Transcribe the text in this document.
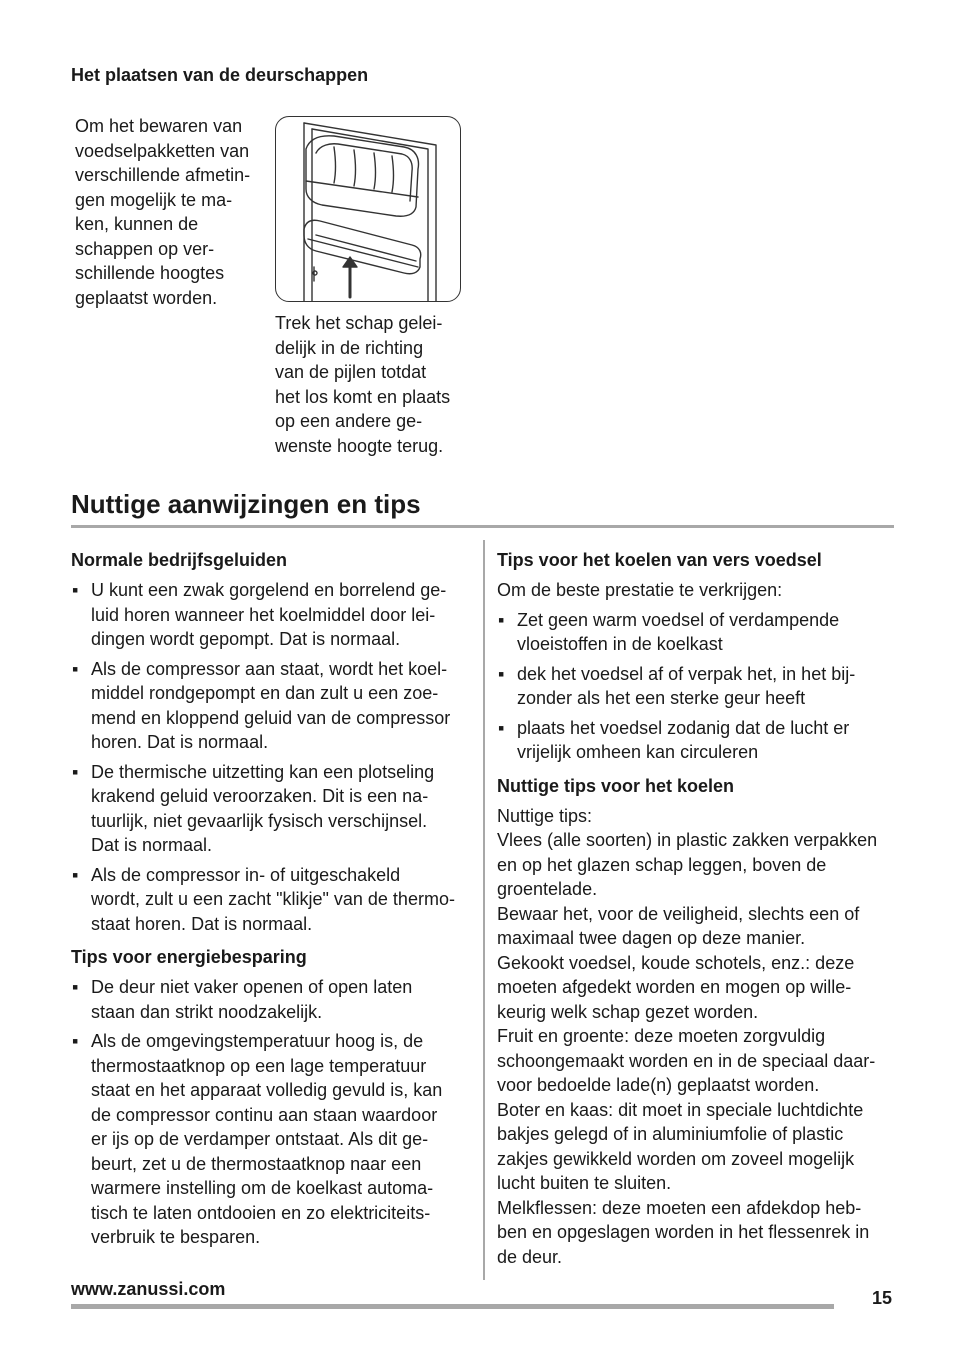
Het plaatsen van de deurschappen

Om het bewaren van
voedselpakketten van
verschillende afmetin-
gen mogelijk te ma-
ken, kunnen de
schappen op ver-
schillende hoogtes
geplaatst worden.

Trek het schap gelei-
delijk in de richting
van de pijlen totdat
het los komt en plaats
op een andere ge-
wenste hoogte terug.

Nuttige aanwijzingen en tips
Normale bedrijfsgeluiden
▪ U kunt een zwak gorgelend en borrelend ge-
luid horen wanneer het koelmiddel door lei-
dingen wordt gepompt. Dat is normaal.
▪ Als de compressor aan staat, wordt het koel-
middel rondgepompt en dan zult u een zoe-
mend en kloppend geluid van de compressor
horen. Dat is normaal.
▪ De thermische uitzetting kan een plotseling
krakend geluid veroorzaken. Dit is een na-
tuurlijk, niet gevaarlijk fysisch verschijnsel.
Dat is normaal.
▪ Als de compressor in- of uitgeschakeld
wordt, zult u een zacht "klikje" van de thermo-
staat horen. Dat is normaal.
Tips voor energiebesparing
▪ De deur niet vaker openen of open laten
staan dan strikt noodzakelijk.
▪ Als de omgevingstemperatuur hoog is, de
thermostaatknop op een lage temperatuur
staat en het apparaat volledig gevuld is, kan
de compressor continu aan staan waardoor
er ijs op de verdamper ontstaat. Als dit ge-
beurt, zet u de thermostaatknop naar een
warmere instelling om de koelkast automa-
tisch te laten ontdooien en zo elektriciteits-
verbruik te besparen.
Tips voor het koelen van vers voedsel

Om de beste prestatie te verkrijgen:

▪ Zet geen warm voedsel of verdampende
vloeistoffen in de koelkast
▪ dek het voedsel af of verpak het, in het bij-
zonder als het een sterke geur heeft
▪ plaats het voedsel zodanig dat de lucht er
vrijelijk omheen kan circuleren
Nuttige tips voor het koelen

Nuttige tips:
Vlees (alle soorten) in plastic zakken verpakken
en op het glazen schap leggen, boven de
groentelade.
Bewaar het, voor de veiligheid, slechts een of
maximaal twee dagen op deze manier.
Gekookt voedsel, koude schotels, enz.: deze
moeten afgedekt worden en mogen op wille-
keurig welk schap gezet worden.
Fruit en groente: deze moeten zorgvuldig
schoongemaakt worden en in de speciaal daar-
voor bedoelde lade(n) geplaatst worden.
Boter en kaas: dit moet in speciale luchtdichte
bakjes gelegd of in aluminiumfolie of plastic
zakjes gewikkeld worden om zoveel mogelijk
lucht buiten te sluiten.
Melkflessen: deze moeten een afdekdop heb-
ben en opgeslagen worden in het flessenrek in
de deur.

www.zanussi.com	15
